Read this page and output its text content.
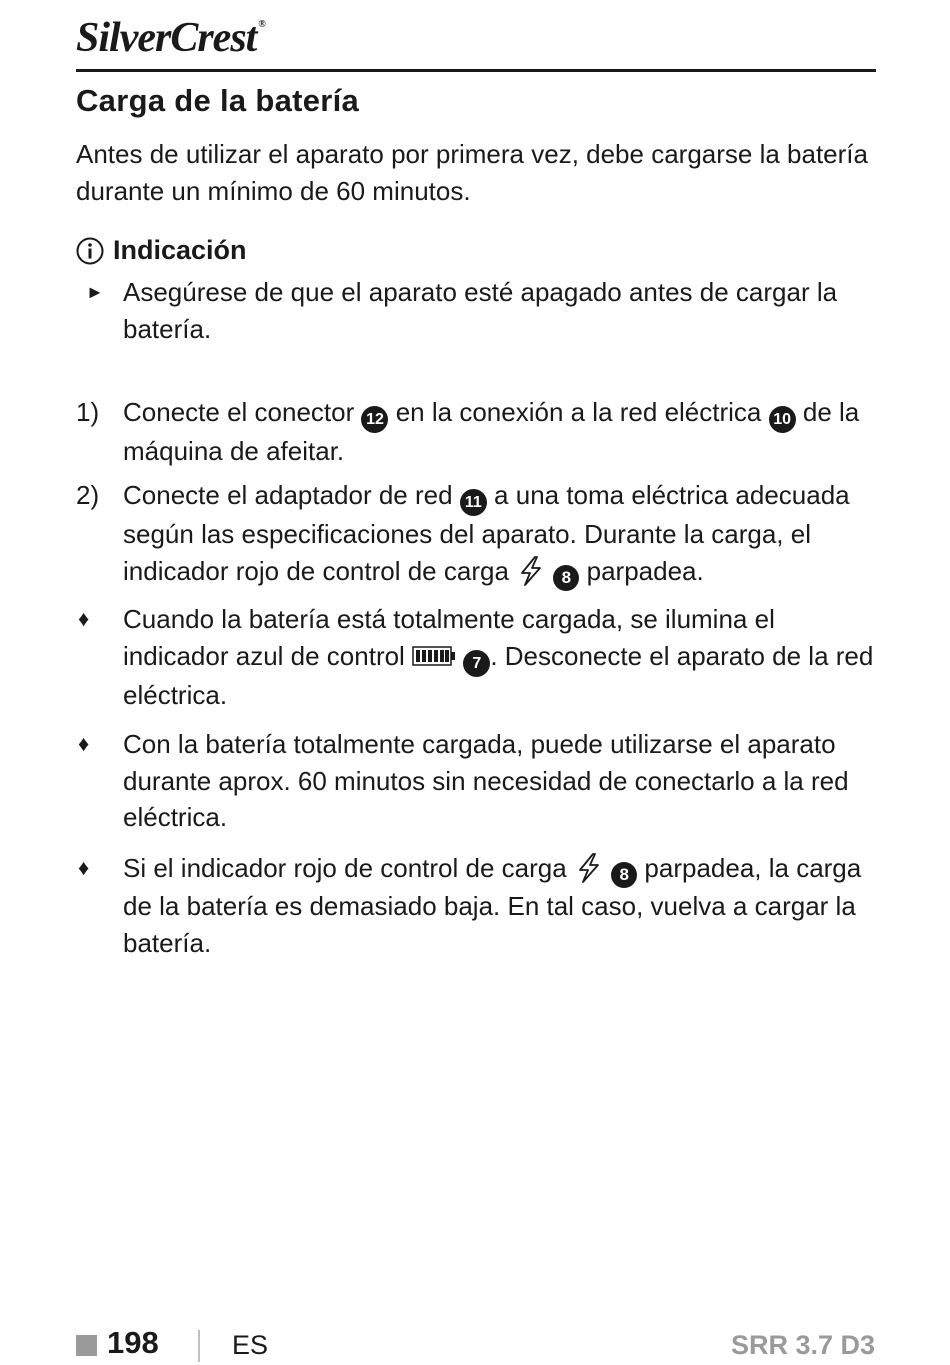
SilverCrest ®
Carga de la batería

Antes de utilizar el aparato por primera vez, debe cargarse la batería durante un mínimo de 60 minutos.

Indicación
► Asegúrese de que el aparato esté apagado antes de cargar la batería.
1) Conecte el conector 12 en la conexión a la red eléctrica 10 de la máquina de afeitar.
2) Conecte el adaptador de red 11 a una toma eléctrica adecuada según las especificaciones del aparato. Durante la carga, el indicador rojo de control de carga	8 parpadea.
♦ Cuando la batería está totalmente cargada, se ilumina el indicador azul de control	7 . Desconecte el aparato de la red eléctrica.
♦ Con la batería totalmente cargada, puede utilizarse el aparato durante aprox. 60 minutos sin necesidad de conectarlo a la red eléctrica.
♦ Si el indicador rojo de control de carga	8 parpadea, la carga de la batería es demasiado baja. En tal caso, vuelva a cargar la batería.
198	ES	SRR 3.7 D3
